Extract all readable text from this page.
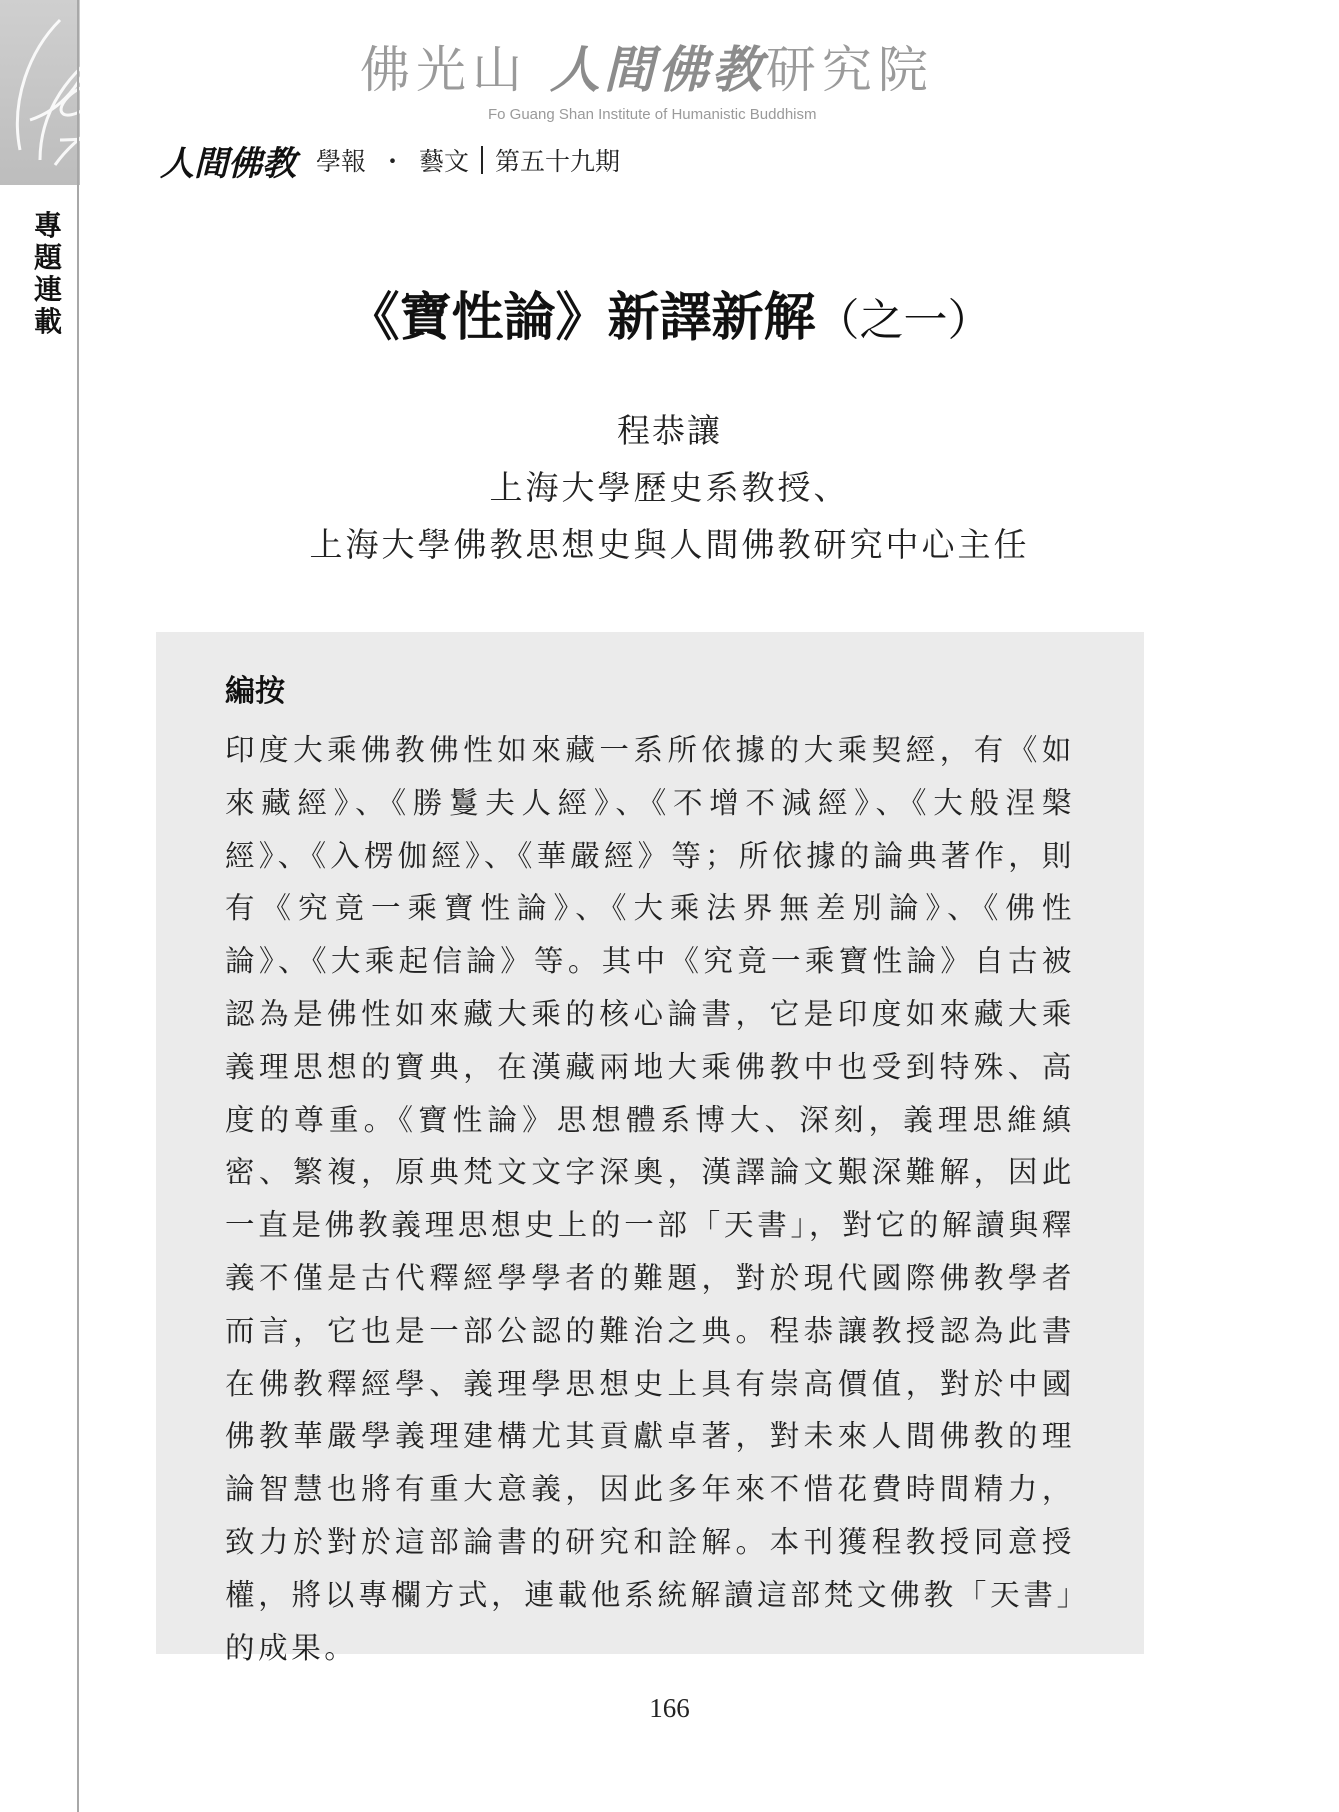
佛光山 人間佛教研究院
Fo Guang Shan Institute of Humanistic Buddhism
人間佛教 學報 ・ 藝文 第五十九期
專題連載	《寶性論》新譯新解（之一）
程恭讓
上海大學歷史系教授、
上海大學佛教思想史與人間佛教研究中心主任
編按

印度大乘佛教佛性如來藏一系所依據的大乘契經，有《如來藏經》、《勝鬘夫人經》、《不增不減經》、《大般涅槃經》、《入楞伽經》、《華嚴經》等；所依據的論典著作，則有《究竟一乘寶性論》、《大乘法界無差別論》、《佛性論》、《大乘起信論》等。其中《究竟一乘寶性論》自古被認為是佛性如來藏大乘的核心論書，它是印度如來藏大乘義理思想的寶典，在漢藏兩地大乘佛教中也受到特殊、高度的尊重。《寶性論》思想體系博大、深刻，義理思維縝密、繁複，原典梵文文字深奧，漢譯論文艱深難解，因此一直是佛教義理思想史上的一部「天書」，對它的解讀與釋義不僅是古代釋經學學者的難題，對於現代國際佛教學者而言，它也是一部公認的難治之典。程恭讓教授認為此書在佛教釋經學、義理學思想史上具有崇高價值，對於中國佛教華嚴學義理建構尤其貢獻卓著，對未來人間佛教的理論智慧也將有重大意義，因此多年來不惜花費時間精力，致力於對於這部論書的研究和詮解。本刊獲程教授同意授權，將以專欄方式，連載他系統解讀這部梵文佛教「天書」的成果。

166
